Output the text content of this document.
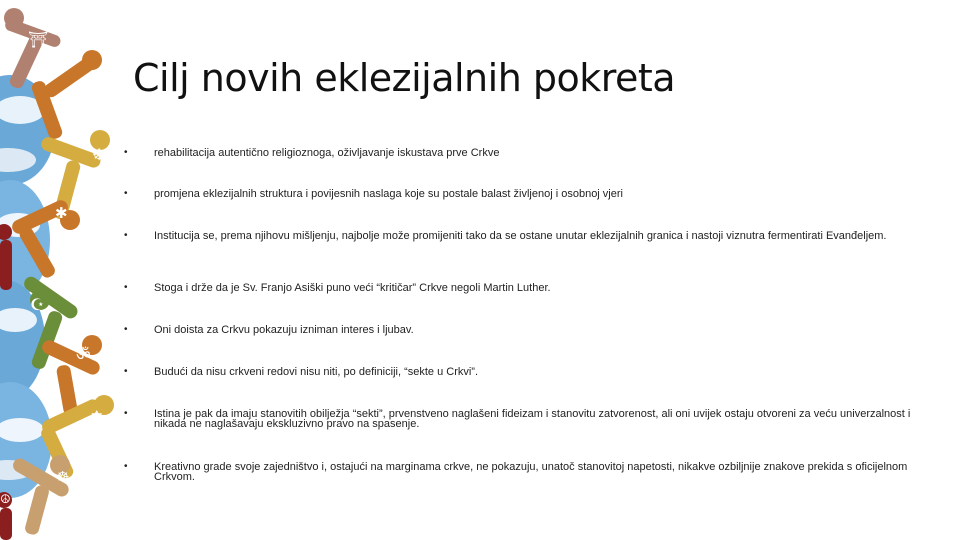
⛩
✝
☸
✱
☪
ॐ
✡
☸
☮
Cilj novih eklezijalnih pokreta
•	rehabilitacija autentično religioznoga, oživljavanje iskustava prve Crkve
•	promjena eklezijalnih struktura i povijesnih naslaga koje su postale balast življenoj i osobnoj vjeri
•	Institucija se, prema njihovu mišljenju, najbolje može promijeniti tako da se ostane unutar eklezijalnih granica i nastoji viznutra fermentirati Evanđeljem.
•	Stoga i drže da je Sv. Franjo Asiški puno veći “kritičar” Crkve negoli Martin Luther.
•	Oni doista za Crkvu pokazuju izniman interes i ljubav.
•	Budući da nisu crkveni redovi nisu niti, po definiciji, “sekte u Crkvi”.
•	Istina je pak da imaju stanovitih obilježja “sekti”, prvenstveno naglašeni fideizam i stanovitu zatvorenost, ali oni uvijek ostaju otvoreni za veću univerzalnost i nikada ne naglašavaju ekskluzivno pravo na spasenje.
•	Kreativno grade svoje zajedništvo i, ostajući na marginama crkve, ne pokazuju, unatoč stanovitoj napetosti, nikakve ozbiljnije znakove prekida s oficijelnom Crkvom.
